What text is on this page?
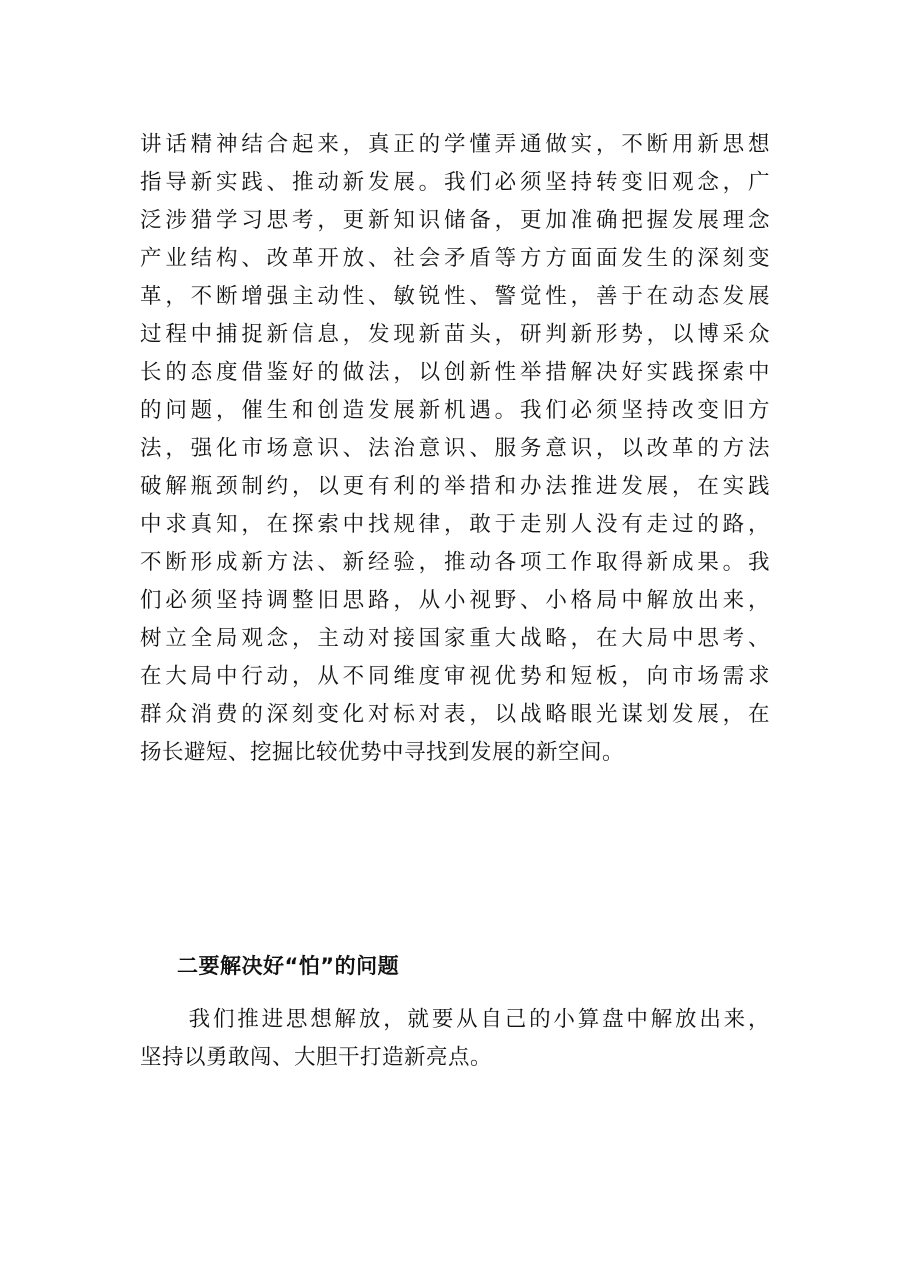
讲话精神结合起来，真正的学懂弄通做实，不断用新思想
指导新实践、推动新发展。我们必须坚持转变旧观念，广
泛涉猎学习思考，更新知识储备，更加准确把握发展理念
产业结构、改革开放、社会矛盾等方方面面发生的深刻变
革，不断增强主动性、敏锐性、警觉性，善于在动态发展
过程中捕捉新信息，发现新苗头，研判新形势，以博采众
长的态度借鉴好的做法，以创新性举措解决好实践探索中
的问题，催生和创造发展新机遇。我们必须坚持改变旧方
法，强化市场意识、法治意识、服务意识，以改革的方法
破解瓶颈制约，以更有利的举措和办法推进发展，在实践
中求真知，在探索中找规律，敢于走别人没有走过的路，
不断形成新方法、新经验，推动各项工作取得新成果。我
们必须坚持调整旧思路，从小视野、小格局中解放出来，
树立全局观念，主动对接国家重大战略，在大局中思考、
在大局中行动，从不同维度审视优势和短板，向市场需求
群众消费的深刻变化对标对表，以战略眼光谋划发展，在
扬长避短、挖掘比较优势中寻找到发展的新空间。
二要解决好“怕”的问题
　　我们推进思想解放，就要从自己的小算盘中解放出来，
坚持以勇敢闯、大胆干打造新亮点。
